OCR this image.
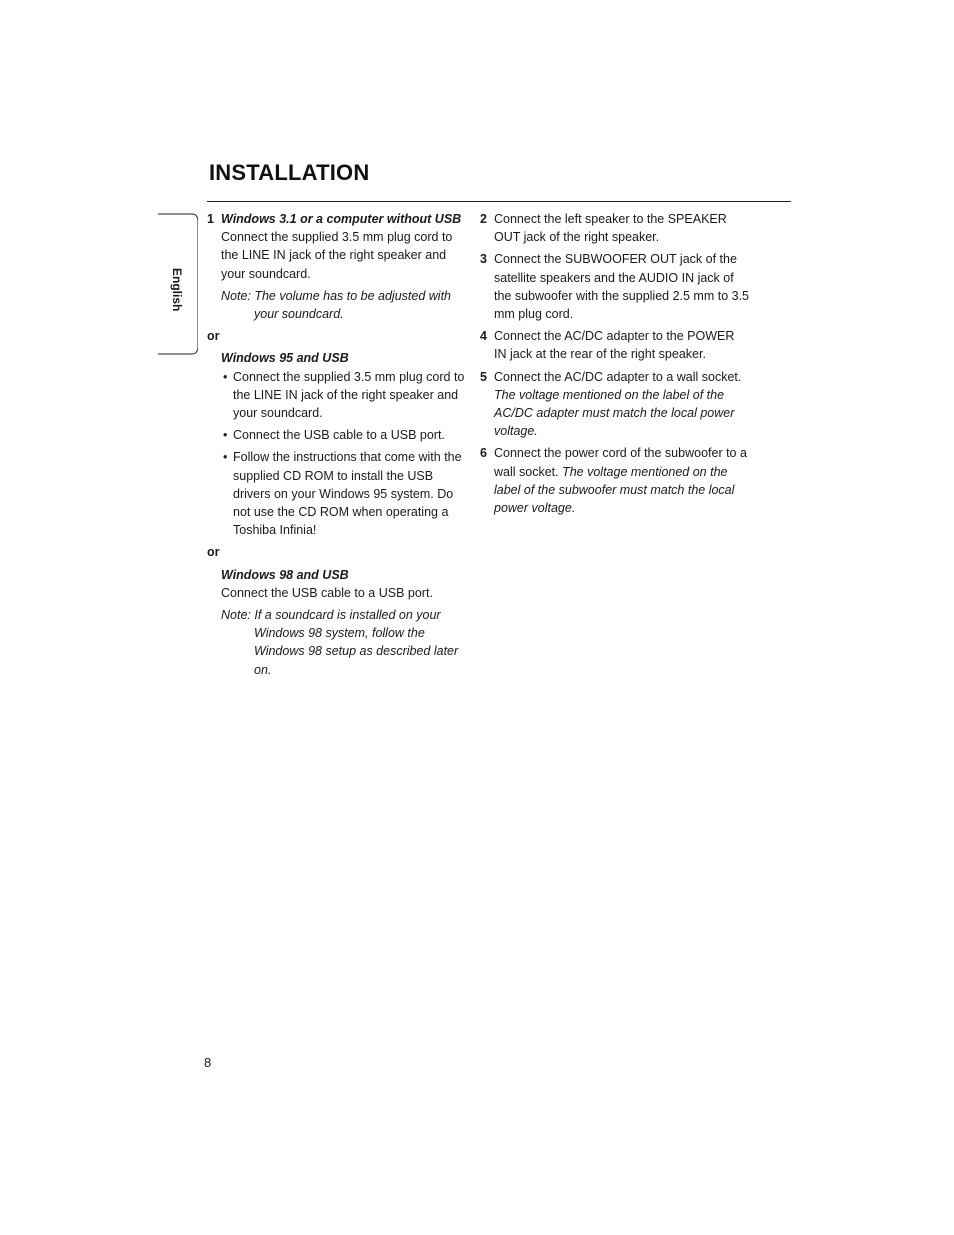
INSTALLATION
English
1 Windows 3.1 or a computer without USB
Connect the supplied 3.5 mm plug cord to the LINE IN jack of the right speaker and your soundcard.
Note: The volume has to be adjusted with your soundcard.
or
Windows 95 and USB
• Connect the supplied 3.5 mm plug cord to the LINE IN jack of the right speaker and your soundcard.
• Connect the USB cable to a USB port.
• Follow the instructions that come with the supplied CD ROM to install the USB drivers on your Windows 95 system. Do not use the CD ROM when operating a Toshiba Infinia!
or
Windows 98 and USB
Connect the USB cable to a USB port.
Note: If a soundcard is installed on your Windows 98 system, follow the Windows 98 setup as described later on.
2 Connect the left speaker to the SPEAKER OUT jack of the right speaker.
3 Connect the SUBWOOFER OUT jack of the satellite speakers and the AUDIO IN jack of the subwoofer with the supplied 2.5 mm to 3.5 mm plug cord.
4 Connect the AC/DC adapter to the POWER IN jack at the rear of the right speaker.
5 Connect the AC/DC adapter to a wall socket. The voltage mentioned on the label of the AC/DC adapter must match the local power voltage.
6 Connect the power cord of the subwoofer to a wall socket. The voltage mentioned on the label of the subwoofer must match the local power voltage.
8
